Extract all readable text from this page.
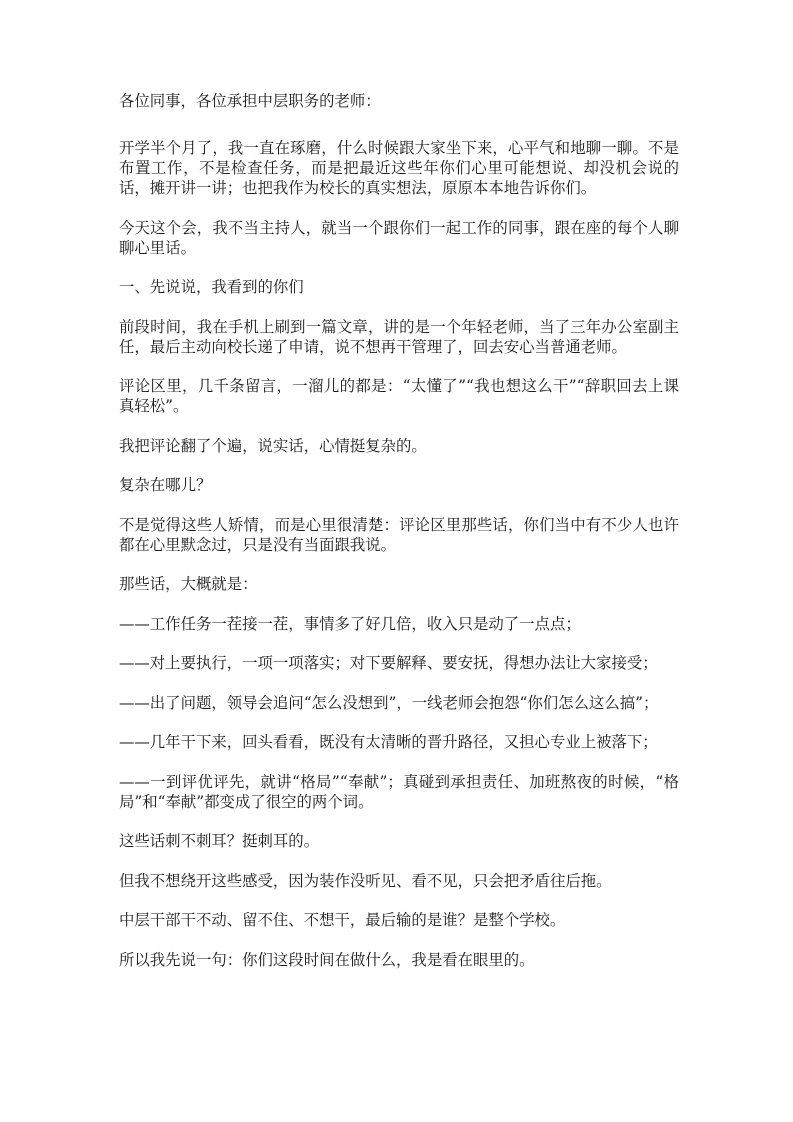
各位同事，各位承担中层职务的老师：

开学半个月了，我一直在琢磨，什么时候跟大家坐下来，心平气和地聊一聊。不是布置工作，不是检查任务，而是把最近这些年你们心里可能想说、却没机会说的话，摊开讲一讲；也把我作为校长的真实想法，原原本本地告诉你们。

今天这个会，我不当主持人，就当一个跟你们一起工作的同事，跟在座的每个人聊聊心里话。

一、先说说，我看到的你们

前段时间，我在手机上刷到一篇文章，讲的是一个年轻老师，当了三年办公室副主任，最后主动向校长递了申请，说不想再干管理了，回去安心当普通老师。

评论区里，几千条留言，一溜儿的都是：“太懂了”“我也想这么干”“辞职回去上课真轻松”。

我把评论翻了个遍，说实话，心情挺复杂的。

复杂在哪儿？

不是觉得这些人矫情，而是心里很清楚：评论区里那些话，你们当中有不少人也许都在心里默念过，只是没有当面跟我说。

那些话，大概就是：

——工作任务一茬接一茬，事情多了好几倍，收入只是动了一点点；

——对上要执行，一项一项落实；对下要解释、要安抚，得想办法让大家接受；

——出了问题，领导会追问“怎么没想到”，一线老师会抱怨“你们怎么这么搞”；

——几年干下来，回头看看，既没有太清晰的晋升路径，又担心专业上被落下；

——一到评优评先，就讲“格局”“奉献”；真碰到承担责任、加班熬夜的时候，“格局”和“奉献”都变成了很空的两个词。

这些话刺不刺耳？挺刺耳的。

但我不想绕开这些感受，因为装作没听见、看不见，只会把矛盾往后拖。

中层干部干不动、留不住、不想干，最后输的是谁？是整个学校。

所以我先说一句：你们这段时间在做什么，我是看在眼里的。
